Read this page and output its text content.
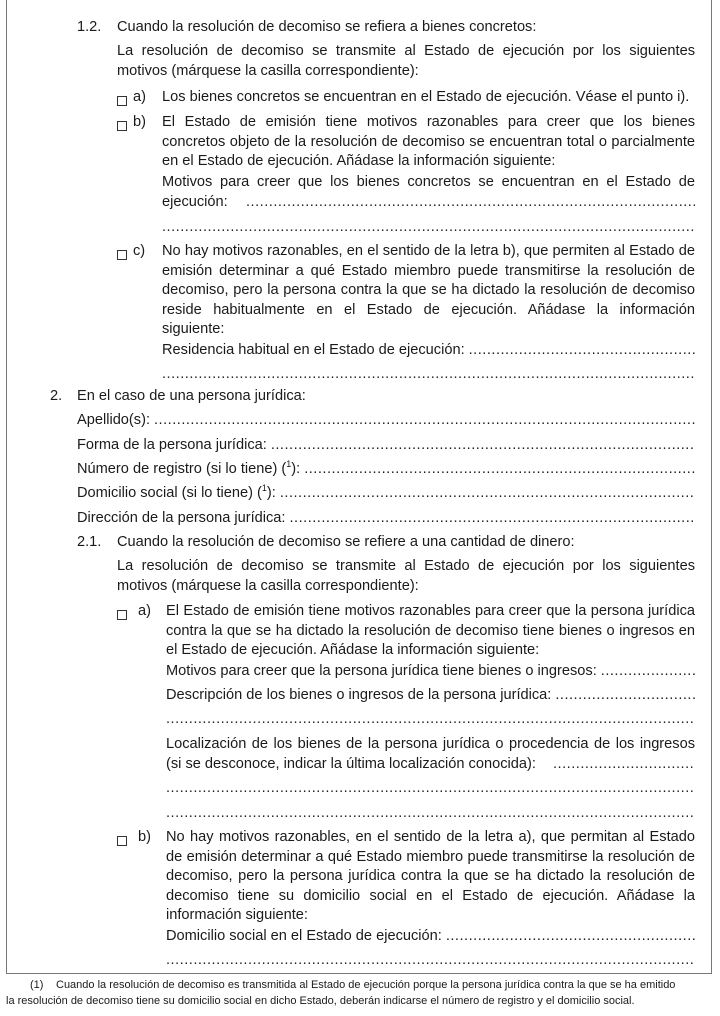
1.2. Cuando la resolución de decomiso se refiera a bienes concretos:
La resolución de decomiso se transmite al Estado de ejecución por los siguientes motivos (márquese la casilla correspondiente):
a) Los bienes concretos se encuentran en el Estado de ejecución. Véase el punto i).
b) El Estado de emisión tiene motivos razonables para creer que los bienes concretos objeto de la resolución de decomiso se encuentran total o parcialmente en el Estado de ejecución. Añádase la información siguiente:
Motivos para creer que los bienes concretos se encuentran en el Estado de ejecución:
.....
.....
c) No hay motivos razonables, en el sentido de la letra b), que permiten al Estado de emisión determinar a qué Estado miembro puede transmitirse la resolución de decomiso, pero la persona contra la que se ha dictado la resolución de decomiso reside habitualmente en el Estado de ejecución. Añádase la información siguiente:
Residencia habitual en el Estado de ejecución:
.....
.....
2. En el caso de una persona jurídica:
Apellido(s):
.....
Forma de la persona jurídica:
.....
Número de registro (si lo tiene) ($^1$):
.....
Domicilio social (si lo tiene) ($^1$):
.....
Dirección de la persona jurídica:
.....
2.1. Cuando la resolución de decomiso se refiere a una cantidad de dinero:
La resolución de decomiso se transmite al Estado de ejecución por los siguientes motivos (márquese la casilla correspondiente):
a) El Estado de emisión tiene motivos razonables para creer que la persona jurídica contra la que se ha dictado la resolución de decomiso tiene bienes o ingresos en el Estado de ejecución. Añádase la información siguiente:
Motivos para creer que la persona jurídica tiene bienes o ingresos:
.....
Descripción de los bienes o ingresos de la persona jurídica:
.....
.....
Localización de los bienes de la persona jurídica o procedencia de los ingresos (si se desconoce, indicar la última localización conocida):
.....
.....
.....
b) No hay motivos razonables, en el sentido de la letra a), que permitan al Estado de emisión determinar a qué Estado miembro puede transmitirse la resolución de decomiso, pero la persona jurídica contra la que se ha dictado la resolución de decomiso tiene su domicilio social en el Estado de ejecución. Añádase la información siguiente:
Domicilio social en el Estado de ejecución:
.....
.....
(1) Cuando la resolución de decomiso es transmitida al Estado de ejecución porque la persona jurídica contra la que se ha emitido
la resolución de decomiso tiene su domicilio social en dicho Estado, deberán indicarse el número de registro y el domicilio social.
